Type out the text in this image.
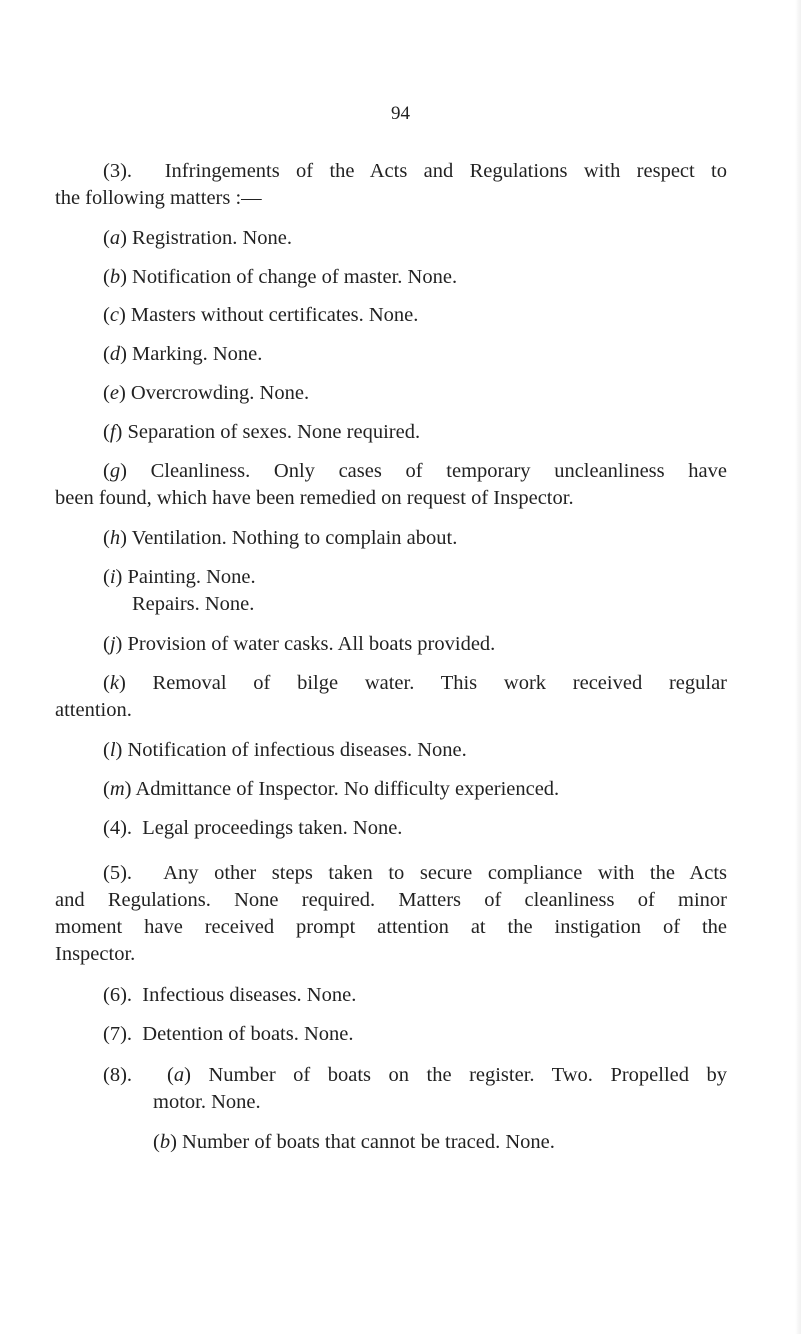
94
(3). Infringements of the Acts and Regulations with respect to
the following matters :—
(a) Registration. None.
(b) Notification of change of master. None.
(c) Masters without certificates. None.
(d) Marking. None.
(e) Overcrowding. None.
(f) Separation of sexes. None required.
(g) Cleanliness. Only cases of temporary uncleanliness have
been found, which have been remedied on request of Inspector.
(h) Ventilation. Nothing to complain about.
(i) Painting. None.
Repairs. None.
(j) Provision of water casks. All boats provided.
(k) Removal of bilge water. This work received regular
attention.
(l) Notification of infectious diseases. None.
(m) Admittance of Inspector. No difficulty experienced.
(4). Legal proceedings taken. None.
(5). Any other steps taken to secure compliance with the Acts
and Regulations. None required. Matters of cleanliness of minor
moment have received prompt attention at the instigation of the
Inspector.
(6). Infectious diseases. None.
(7). Detention of boats. None.
(8).  (a) Number of boats on the register. Two. Propelled by
motor. None.
(b) Number of boats that cannot be traced. None.
